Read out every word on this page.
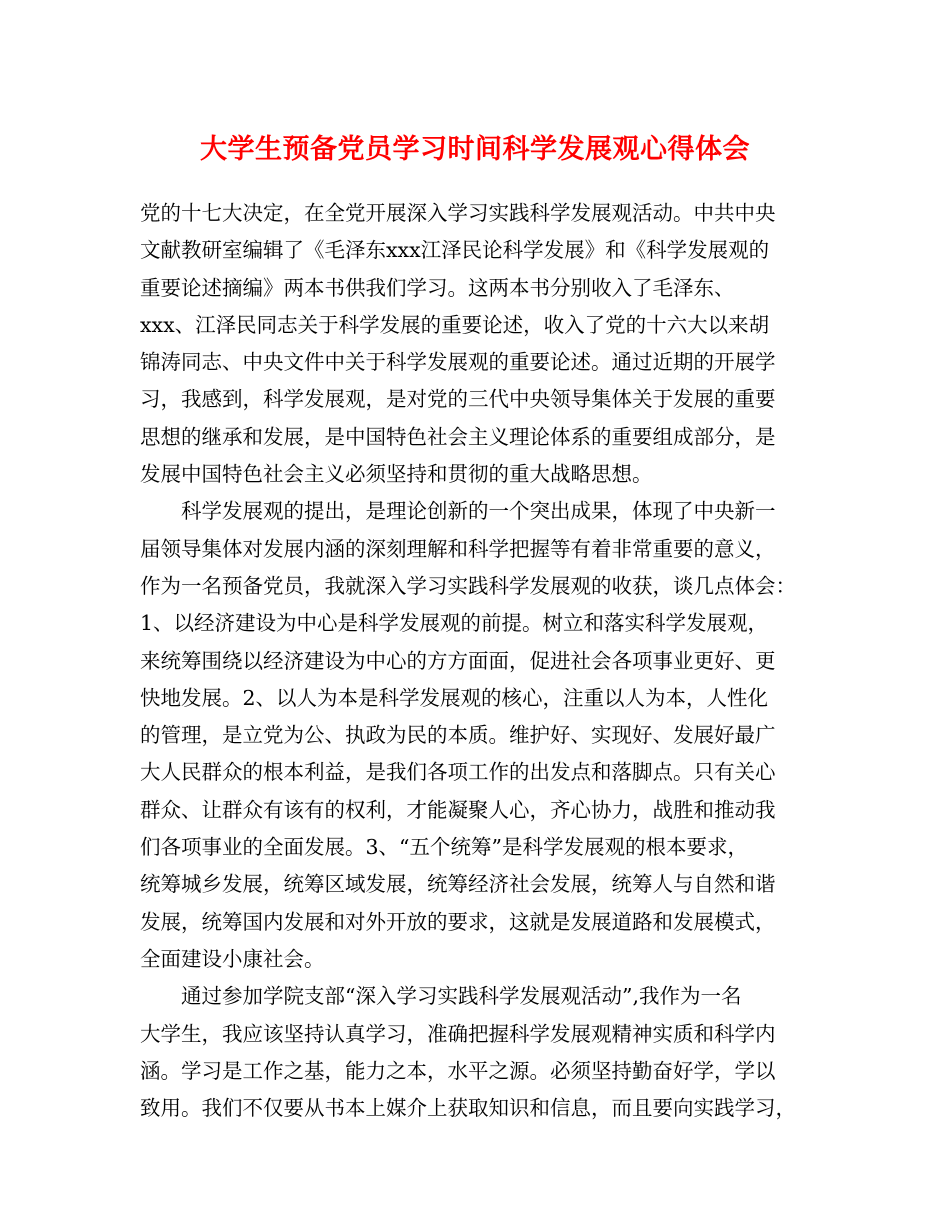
大学生预备党员学习时间科学发展观心得体会
党的十七大决定，在全党开展深入学习实践科学发展观活动。中共中央
文献教研室编辑了《毛泽东xxx江泽民论科学发展》和《科学发展观的
重要论述摘编》两本书供我们学习。这两本书分别收入了毛泽东、
xxx、江泽民同志关于科学发展的重要论述，收入了党的十六大以来胡
锦涛同志、中央文件中关于科学发展观的重要论述。通过近期的开展学
习，我感到，科学发展观，是对党的三代中央领导集体关于发展的重要
思想的继承和发展，是中国特色社会主义理论体系的重要组成部分，是
发展中国特色社会主义必须坚持和贯彻的重大战略思想。
科学发展观的提出，是理论创新的一个突出成果，体现了中央新一
届领导集体对发展内涵的深刻理解和科学把握等有着非常重要的意义，
作为一名预备党员，我就深入学习实践科学发展观的收获，谈几点体会：
1、以经济建设为中心是科学发展观的前提。树立和落实科学发展观，
来统筹围绕以经济建设为中心的方方面面，促进社会各项事业更好、更
快地发展。2、以人为本是科学发展观的核心，注重以人为本，人性化
的管理，是立党为公、执政为民的本质。维护好、实现好、发展好最广
大人民群众的根本利益，是我们各项工作的出发点和落脚点。只有关心
群众、让群众有该有的权利，才能凝聚人心，齐心协力，战胜和推动我
们各项事业的全面发展。3、“五个统筹”是科学发展观的根本要求，
统筹城乡发展，统筹区域发展，统筹经济社会发展，统筹人与自然和谐
发展，统筹国内发展和对外开放的要求，这就是发展道路和发展模式，
全面建设小康社会。
通过参加学院支部“深入学习实践科学发展观活动”,我作为一名
大学生，我应该坚持认真学习，准确把握科学发展观精神实质和科学内
涵。学习是工作之基，能力之本，水平之源。必须坚持勤奋好学，学以
致用。我们不仅要从书本上媒介上获取知识和信息，而且要向实践学习，
